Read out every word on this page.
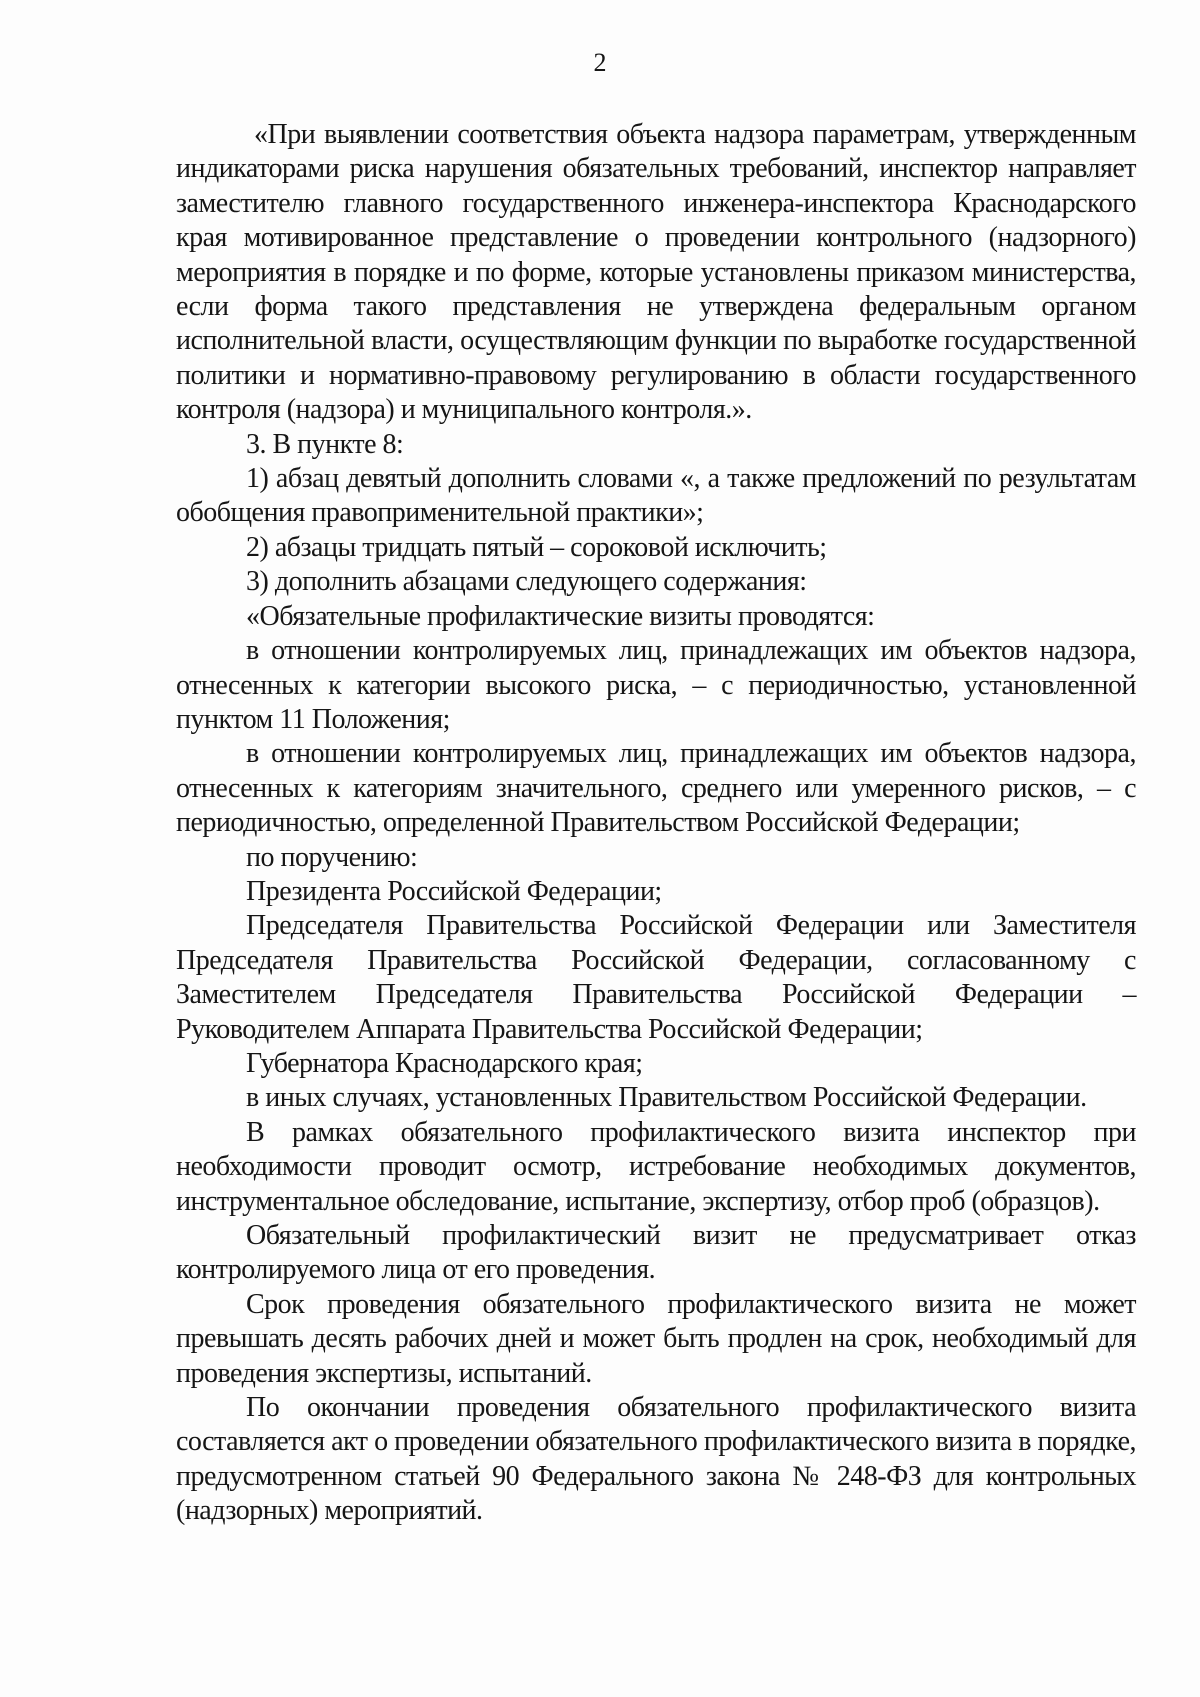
2

«При выявлении соответствия объекта надзора параметрам, утвержденным индикаторами риска нарушения обязательных требований, инспектор направляет заместителю главного государственного инженера-инспектора Краснодарского края мотивированное представление о проведении контрольного (надзорного) мероприятия в порядке и по форме, которые установлены приказом министерства, если форма такого представления не утверждена федеральным органом исполнительной власти, осуществляющим функции по выработке государственной политики и нормативно-правовому регулированию в области государственного контроля (надзора) и муниципального контроля.».

3. В пункте 8:

1) абзац девятый дополнить словами «, а также предложений по результатам обобщения правоприменительной практики»;

2) абзацы тридцать пятый – сороковой исключить;

3) дополнить абзацами следующего содержания:

«Обязательные профилактические визиты проводятся:

в отношении контролируемых лиц, принадлежащих им объектов надзора, отнесенных к категории высокого риска, – с периодичностью, установленной пунктом 11 Положения;

в отношении контролируемых лиц, принадлежащих им объектов надзора, отнесенных к категориям значительного, среднего или умеренного рисков, – с периодичностью, определенной Правительством Российской Федерации;

по поручению:

Президента Российской Федерации;

Председателя Правительства Российской Федерации или Заместителя Председателя Правительства Российской Федерации, согласованному с Заместителем Председателя Правительства Российской Федерации – Руководителем Аппарата Правительства Российской Федерации;

Губернатора Краснодарского края;

в иных случаях, установленных Правительством Российской Федерации.

В рамках обязательного профилактического визита инспектор при необходимости проводит осмотр, истребование необходимых документов, инструментальное обследование, испытание, экспертизу, отбор проб (образцов).

Обязательный профилактический визит не предусматривает отказ контролируемого лица от его проведения.

Срок проведения обязательного профилактического визита не может превышать десять рабочих дней и может быть продлен на срок, необходимый для проведения экспертизы, испытаний.

По окончании проведения обязательного профилактического визита составляется акт о проведении обязательного профилактического визита в порядке, предусмотренном статьей 90 Федерального закона № 248-ФЗ для контрольных (надзорных) мероприятий.
